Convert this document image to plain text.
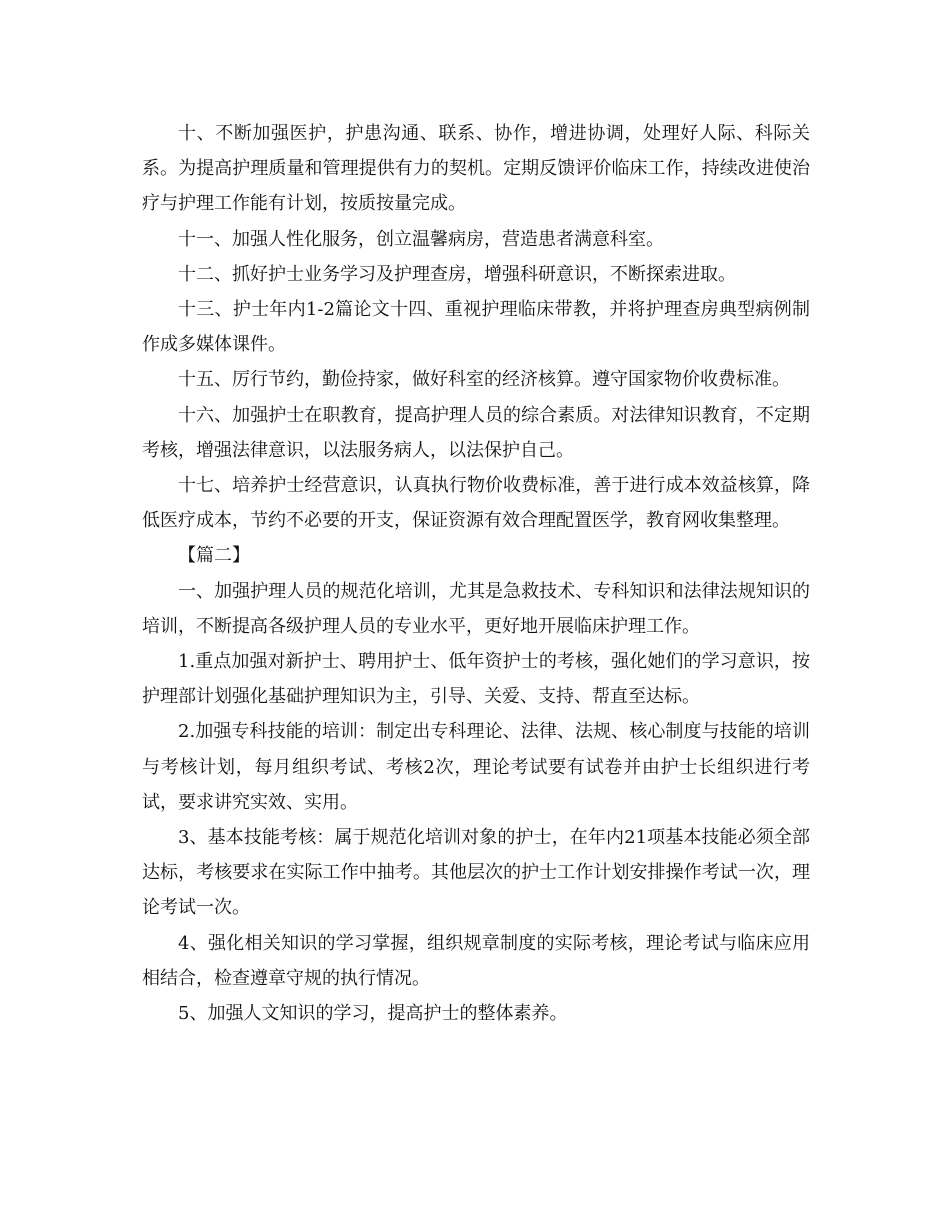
十、不断加强医护，护患沟通、联系、协作，增进协调，处理好人际、科际关系。为提高护理质量和管理提供有力的契机。定期反馈评价临床工作，持续改进使治疗与护理工作能有计划，按质按量完成。

十一、加强人性化服务，创立温馨病房，营造患者满意科室。

十二、抓好护士业务学习及护理查房，增强科研意识，不断探索进取。

十三、护士年内1-2篇论文十四、重视护理临床带教，并将护理查房典型病例制作成多媒体课件。

十五、厉行节约，勤俭持家，做好科室的经济核算。遵守国家物价收费标准。

十六、加强护士在职教育，提高护理人员的综合素质。对法律知识教育，不定期考核，增强法律意识，以法服务病人，以法保护自己。

十七、培养护士经营意识，认真执行物价收费标准，善于进行成本效益核算，降低医疗成本，节约不必要的开支，保证资源有效合理配置医学，教育网收集整理。

【篇二】

一、加强护理人员的规范化培训，尤其是急救技术、专科知识和法律法规知识的培训，不断提高各级护理人员的专业水平，更好地开展临床护理工作。

1.重点加强对新护士、聘用护士、低年资护士的考核，强化她们的学习意识，按护理部计划强化基础护理知识为主，引导、关爱、支持、帮直至达标。

2.加强专科技能的培训：制定出专科理论、法律、法规、核心制度与技能的培训与考核计划，每月组织考试、考核2次，理论考试要有试卷并由护士长组织进行考试，要求讲究实效、实用。

3、基本技能考核：属于规范化培训对象的护士，在年内21项基本技能必须全部达标，考核要求在实际工作中抽考。其他层次的护士工作计划安排操作考试一次，理论考试一次。

4、强化相关知识的学习掌握，组织规章制度的实际考核，理论考试与临床应用相结合，检查遵章守规的执行情况。

5、加强人文知识的学习，提高护士的整体素养。
